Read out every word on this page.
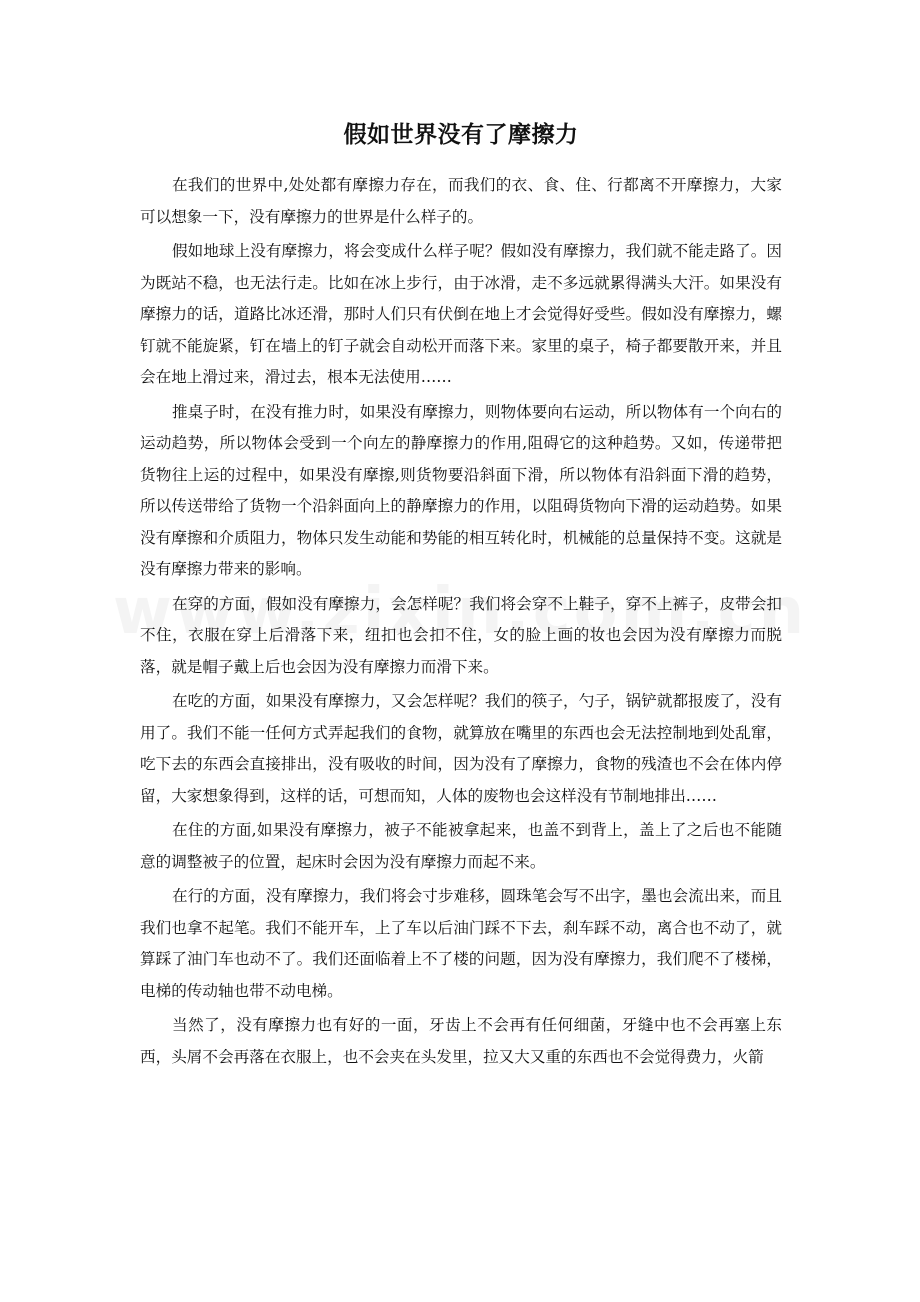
假如世界没有了摩擦力

在我们的世界中,处处都有摩擦力存在，而我们的衣、食、住、行都离不开摩擦力，大家可以想象一下，没有摩擦力的世界是什么样子的。

假如地球上没有摩擦力，将会变成什么样子呢？假如没有摩擦力，我们就不能走路了。因为既站不稳，也无法行走。比如在冰上步行，由于冰滑，走不多远就累得满头大汗。如果没有摩擦力的话，道路比冰还滑，那时人们只有伏倒在地上才会觉得好受些。假如没有摩擦力，螺钉就不能旋紧，钉在墙上的钉子就会自动松开而落下来。家里的桌子，椅子都要散开来，并且会在地上滑过来，滑过去，根本无法使用……

推桌子时，在没有推力时，如果没有摩擦力，则物体要向右运动，所以物体有一个向右的运动趋势，所以物体会受到一个向左的静摩擦力的作用,阻碍它的这种趋势。又如，传递带把货物往上运的过程中，如果没有摩擦,则货物要沿斜面下滑，所以物体有沿斜面下滑的趋势，所以传送带给了货物一个沿斜面向上的静摩擦力的作用，以阻碍货物向下滑的运动趋势。如果没有摩擦和介质阻力，物体只发生动能和势能的相互转化时，机械能的总量保持不变。这就是没有摩擦力带来的影响。

在穿的方面，假如没有摩擦力，会怎样呢？我们将会穿不上鞋子，穿不上裤子，皮带会扣不住，衣服在穿上后滑落下来，纽扣也会扣不住，女的脸上画的妆也会因为没有摩擦力而脱落，就是帽子戴上后也会因为没有摩擦力而滑下来。

在吃的方面，如果没有摩擦力，又会怎样呢？我们的筷子，勺子，锅铲就都报废了，没有用了。我们不能一任何方式弄起我们的食物，就算放在嘴里的东西也会无法控制地到处乱窜，吃下去的东西会直接排出，没有吸收的时间，因为没有了摩擦力，食物的残渣也不会在体内停留，大家想象得到，这样的话，可想而知，人体的废物也会这样没有节制地排出……

在住的方面,如果没有摩擦力，被子不能被拿起来，也盖不到背上，盖上了之后也不能随意的调整被子的位置，起床时会因为没有摩擦力而起不来。

在行的方面，没有摩擦力，我们将会寸步难移，圆珠笔会写不出字，墨也会流出来，而且我们也拿不起笔。我们不能开车，上了车以后油门踩不下去，刹车踩不动，离合也不动了，就算踩了油门车也动不了。我们还面临着上不了楼的问题，因为没有摩擦力，我们爬不了楼梯，电梯的传动轴也带不动电梯。

当然了，没有摩擦力也有好的一面，牙齿上不会再有任何细菌，牙缝中也不会再塞上东西，头屑不会再落在衣服上，也不会夹在头发里，拉又大又重的东西也不会觉得费力，火箭
